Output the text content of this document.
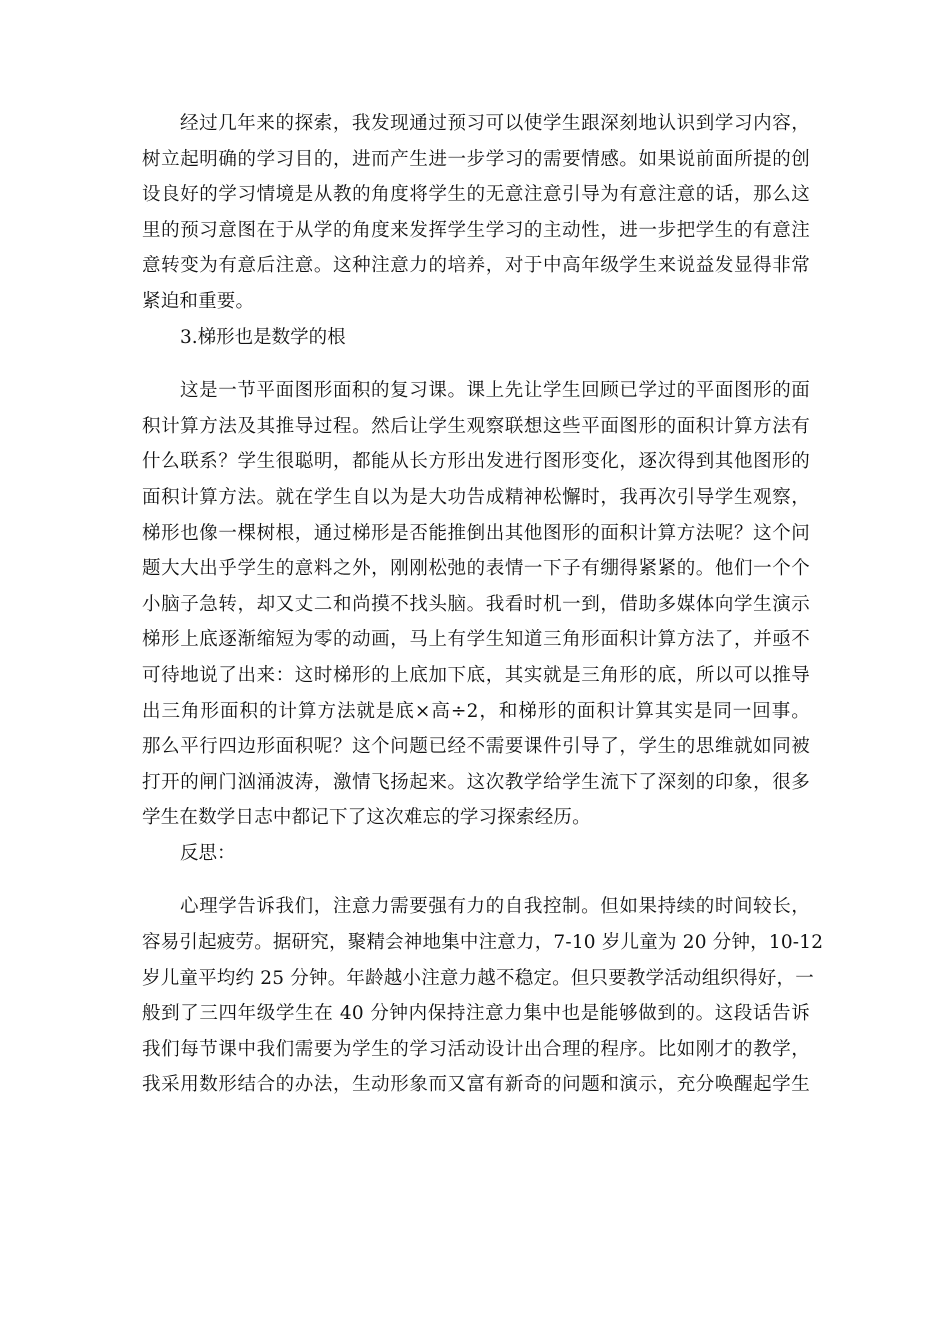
经过几年来的探索，我发现通过预习可以使学生跟深刻地认识到学习内容，
树立起明确的学习目的，进而产生进一步学习的需要情感。如果说前面所提的创
设良好的学习情境是从教的角度将学生的无意注意引导为有意注意的话，那么这
里的预习意图在于从学的角度来发挥学生学习的主动性，进一步把学生的有意注
意转变为有意后注意。这种注意力的培养，对于中高年级学生来说益发显得非常
紧迫和重要。

3.梯形也是数学的根

这是一节平面图形面积的复习课。课上先让学生回顾已学过的平面图形的面
积计算方法及其推导过程。然后让学生观察联想这些平面图形的面积计算方法有
什么联系？学生很聪明，都能从长方形出发进行图形变化，逐次得到其他图形的
面积计算方法。就在学生自以为是大功告成精神松懈时，我再次引导学生观察，
梯形也像一棵树根，通过梯形是否能推倒出其他图形的面积计算方法呢？这个问
题大大出乎学生的意料之外，刚刚松弛的表情一下子有绷得紧紧的。他们一个个
小脑子急转，却又丈二和尚摸不找头脑。我看时机一到，借助多媒体向学生演示
梯形上底逐渐缩短为零的动画，马上有学生知道三角形面积计算方法了，并亟不
可待地说了出来：这时梯形的上底加下底，其实就是三角形的底，所以可以推导
出三角形面积的计算方法就是底×高÷2，和梯形的面积计算其实是同一回事。
那么平行四边形面积呢？这个问题已经不需要课件引导了，学生的思维就如同被
打开的闸门汹涌波涛，激情飞扬起来。这次教学给学生流下了深刻的印象，很多
学生在数学日志中都记下了这次难忘的学习探索经历。

反思：

心理学告诉我们，注意力需要强有力的自我控制。但如果持续的时间较长，
容易引起疲劳。据研究，聚精会神地集中注意力，7-10 岁儿童为 20 分钟，10-12
岁儿童平均约 25 分钟。年龄越小注意力越不稳定。但只要教学活动组织得好，一
般到了三四年级学生在 40 分钟内保持注意力集中也是能够做到的。这段话告诉
我们每节课中我们需要为学生的学习活动设计出合理的程序。比如刚才的教学，
我采用数形结合的办法，生动形象而又富有新奇的问题和演示，充分唤醒起学生
